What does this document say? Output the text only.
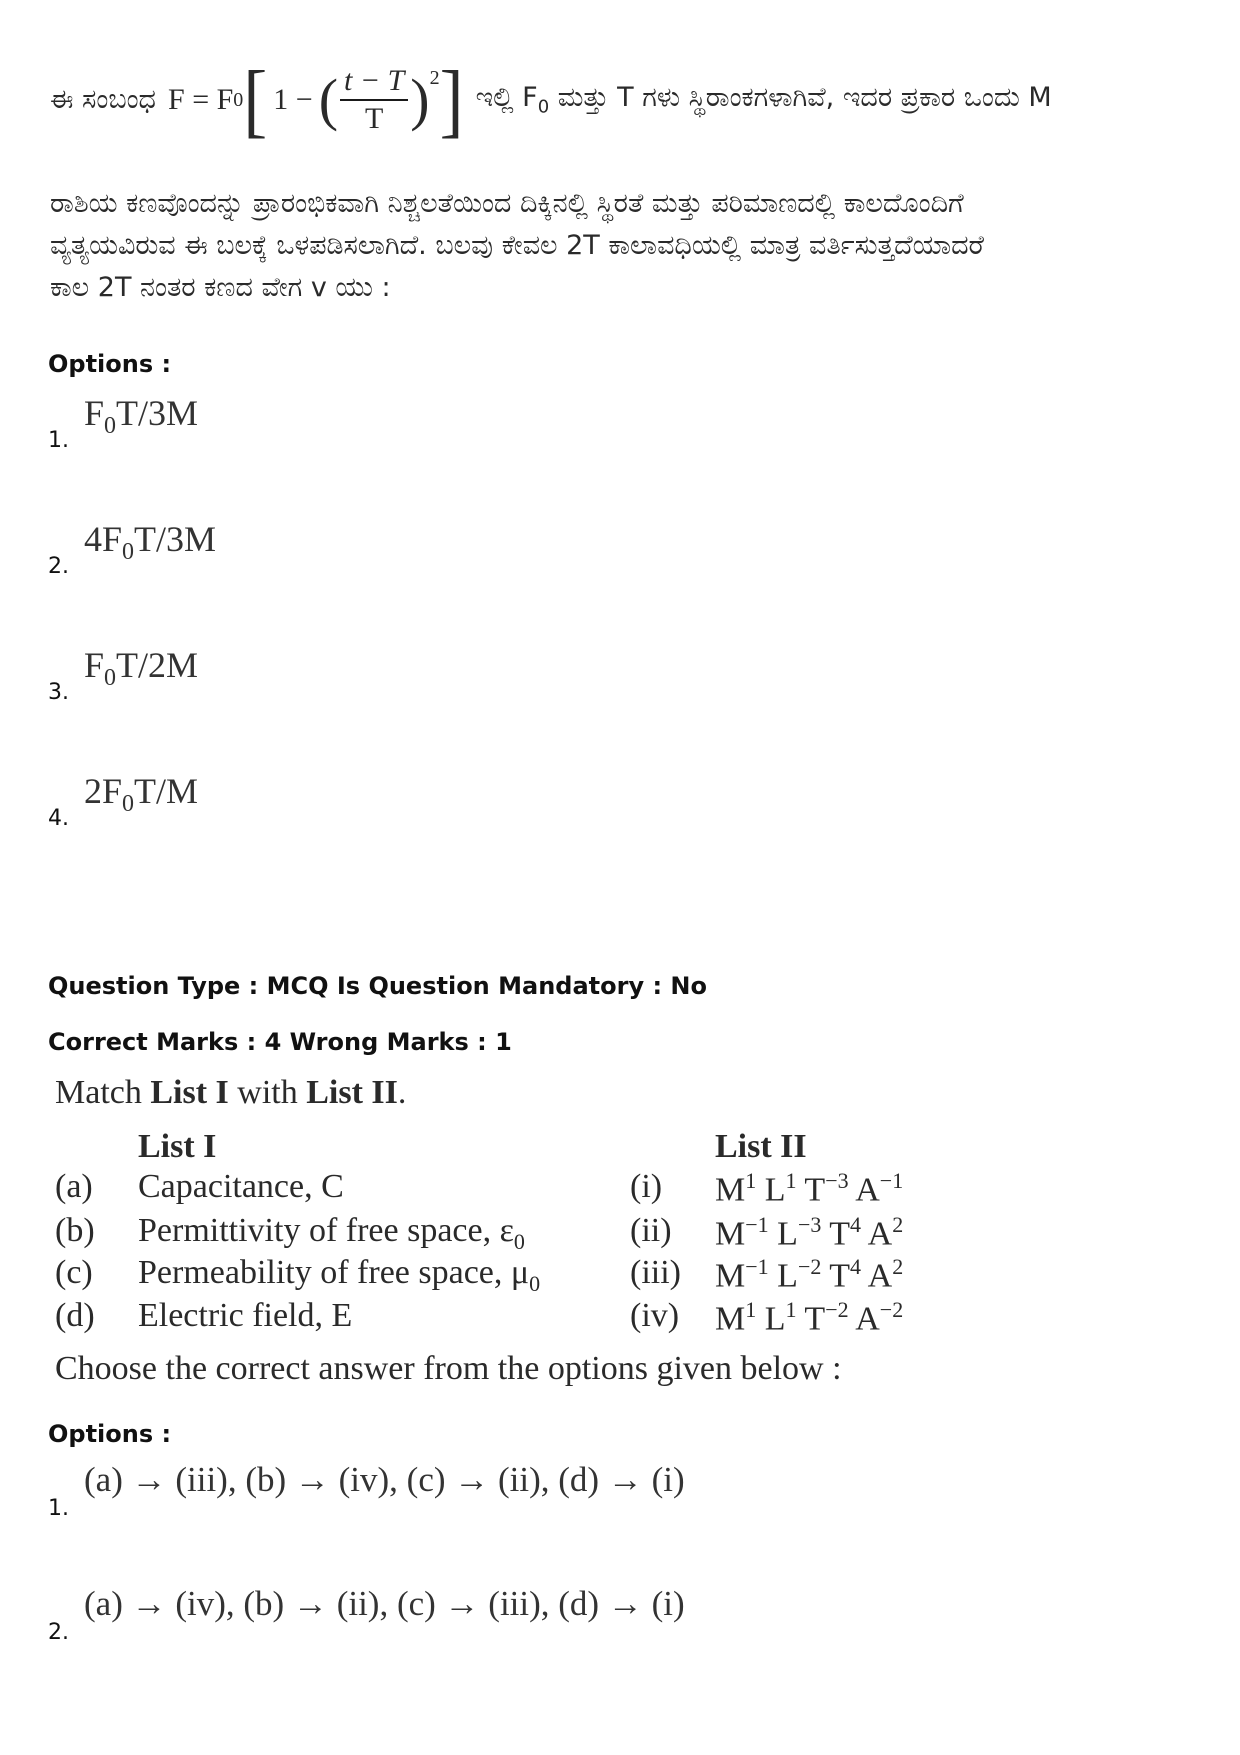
ಈ ಸಂಬಂಧ F = F 0 [ 1 − ( $\frac{t - T}{T} )^2$ ] ಇಲ್ಲಿ $F_0$ ಮತ್ತು T ಗಳು ಸ್ಥಿರಾಂಕಗಳಾಗಿವೆ, ಇದರ ಪ್ರಕಾರ ಒಂದು M
ರಾಶಿಯ ಕಣವೊಂದನ್ನು ಪ್ರಾರಂಭಿಕವಾಗಿ ನಿಶ್ಚಲತೆಯಿಂದ ದಿಕ್ಕಿನಲ್ಲಿ ಸ್ಥಿರತೆ ಮತ್ತು ಪರಿಮಾಣದಲ್ಲಿ ಕಾಲದೊಂದಿಗೆ
ವ್ಯತ್ಯಯವಿರುವ ಈ ಬಲಕ್ಕೆ ಒಳಪಡಿಸಲಾಗಿದೆ. ಬಲವು ಕೇವಲ 2T ಕಾಲಾವಧಿಯಲ್ಲಿ ಮಾತ್ರ ವರ್ತಿಸುತ್ತದೆಯಾದರೆ
ಕಾಲ 2T ನಂತರ ಕಣದ ವೇಗ v ಯು :
Options :
1.
$F_0T/3M$
2.
$4F_0T/3M$
3.
$F_0T/2M$
4.
$2F_0T/M$
Question Type : MCQ Is Question Mandatory : No
Correct Marks : 4 Wrong Marks : 1
Match List I with List II.
List I	List II
(a) Capacitance, C	(i) $M^1$ $L^1$ $T^{-3}$ $A^{-1}$
(b) Permittivity of free space, $\varepsilon_0$	(ii) $M^{-1}$ $L^{-3}$ $T^4$ $A^2$
(c) Permeability of free space, $\mu_0$	(iii) $M^{-1}$ $L^{-2}$ $T^4$ $A^2$
(d) Electric field, E	(iv) $M^1$ $L^1$ $T^{-2}$ $A^{-2}$
Choose the correct answer from the options given below :
Options :
1.
(a) → (iii), (b) → (iv), (c) → (ii), (d) → (i)
2.
(a) → (iv), (b) → (ii), (c) → (iii), (d) → (i)
